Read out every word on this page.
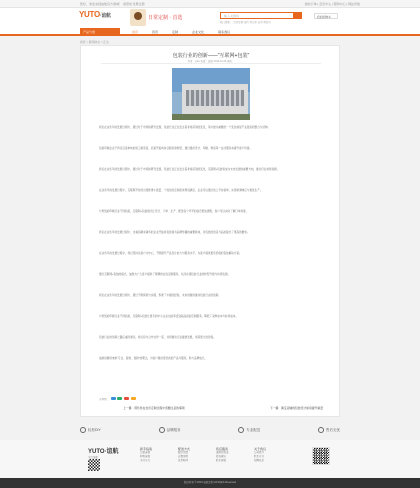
您好，欢迎来到谊航官方商城！ 请登录 免费注册	我的订单 | 会员中心 | 帮助中心 | 网站导航
YUTO·谊航	日常定制 · 首选	输入关键词
热门搜索： 台历定制 挂历 笔记本 日历 明信片
我的购物车
产品分类	首页	资讯	定制	企业文化	联系我们
首页 > 新闻动态 > 正文
包装行业的创新——"互联网+包装"
作者：yuto 来源：谊航 2016-12-16 浏览：

我们在这些年的发展过程中，通过对于市场的研究发现，包装行业正在发生着非常深刻的变化，其中最为重要的一个变化就是产业链条的整合与延伸。

包装印刷企业不再仅仅是单纯的加工制造者，而是开始向综合服务商转型，通过提供设计、印刷、物流等一站式服务来提升客户价值。

我们在这些年的发展过程中，通过对于市场的研究发现，包装行业正在发生着非常深刻的变化，互联网+包装将成为未来发展的重要方向，推动行业持续创新。

在这些年的发展过程中，互联网平台的出现使得小批量、个性化的定制需求得到满足，企业可以通过线上平台接单，实现快速响应与柔性生产。

与传统的印刷行业不同的是，互联网+包装模式让设计、下单、生产、配送各个环节的信息更加透明，客户可以实时了解订单进度。

我们在这些年的发展过程中，也看到越来越多的企业开始将包装视为品牌传播的重要载体，对包装的创意与品质提出了更高的要求。

在这些年的发展过程中，我们坚持以客户为中心，不断提升产品设计能力与服务水平，为客户提供更有价值的包装解决方案。

通过互联网+包装的模式，谊航为广大客户提供了便捷的在线定制服务，从而实现包装行业的转型升级与持续发展。

我们在这些年的发展过程中，通过不断探索与实践，积累了丰富的经验，未来将继续推动包装行业的创新。

与传统的印刷行业不同的是，互联网+包装让更多的中小企业也能享受到高品质的定制服务，降低了采购成本与时间成本。

包装行业的创新之路任重而道远，我们将与合作伙伴一起，共同推动行业健康发展，创造更大的价值。

谊航将继续秉承“专业、高效、创新”的理念，为客户提供更优质的产品与服务，助力品牌成长。

分享到：
上一篇：那些你在台历定制过程中需要注意的事项	下一篇：淘宝店铺的包装设计如何提升销量
轻松DIY	品牌服务	专业配送	售后无忧
YUTO·谊航
关注谊航
新手指南
注册流程
购物流程
支付方式
配送方式
配送范围
运费说明
发货时间
售后服务
退换货政策
投诉建议
联系客服
关于我们
公司简介
联系方式
招聘信息
版权所有 © 2016 谊航定制 All Rights Reserved
